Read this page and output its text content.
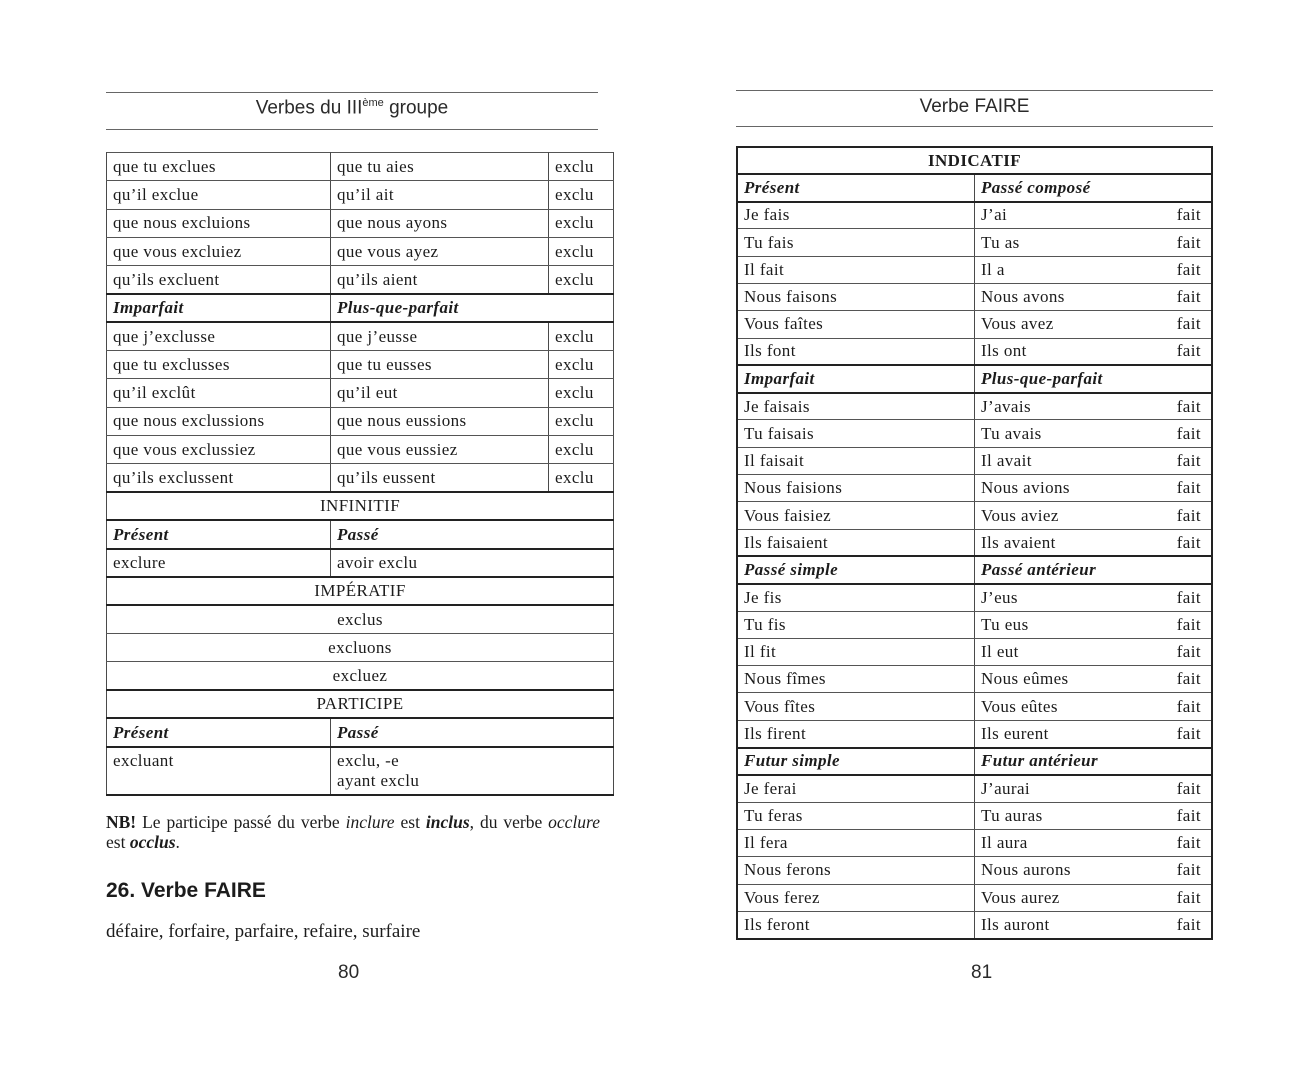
Verbes du IIIème groupe
que tu exclues	que tu aies	exclu
qu’il exclue	qu’il ait	exclu
que nous excluions	que nous ayons	exclu
que vous excluiez	que vous ayez	exclu
qu’ils excluent	qu’ils aient	exclu
Imparfait	Plus-que-parfait	
que j’exclusse	que j’eusse	exclu
que tu exclusses	que tu eusses	exclu
qu’il exclût	qu’il eut	exclu
que nous exclussions	que nous eussions	exclu
que vous exclussiez	que vous eussiez	exclu
qu’ils exclussent	qu’ils eussent	exclu
INFINITIF		
Présent	Passé	
exclure	avoir exclu	
IMPÉRATIF		
exclus		
excluons		
excluez		
PARTICIPE		
Présent	Passé	
excluant	exclu, -e
ayant exclu	
NB! Le participe passé du verbe inclure est inclus, du verbe occlure est occlus.
26. Verbe FAIRE
défaire, forfaire, parfaire, refaire, surfaire
80
Verbe FAIRE
INDICATIF	
Présent	Passé composé
Je fais	J’ai fait

Tu fais	Tu as fait

Il fait	Il a fait

Nous faisons	Nous avons fait

Vous faîtes	Vous avez fait

Ils font	Ils ont fait

Imparfait	Plus-que-parfait
Je faisais	J’avais fait

Tu faisais	Tu avais fait

Il faisait	Il avait fait

Nous faisions	Nous avions fait

Vous faisiez	Vous aviez fait

Ils faisaient	Ils avaient fait

Passé simple	Passé antérieur
Je fis	J’eus fait

Tu fis	Tu eus fait

Il fit	Il eut fait

Nous fîmes	Nous eûmes fait

Vous fîtes	Vous eûtes fait

Ils firent	Ils eurent fait

Futur simple	Futur antérieur
Je ferai	J’aurai fait

Tu feras	Tu auras fait

Il fera	Il aura fait

Nous ferons	Nous aurons fait

Vous ferez	Vous aurez fait

Ils feront	Ils auront fait
81
